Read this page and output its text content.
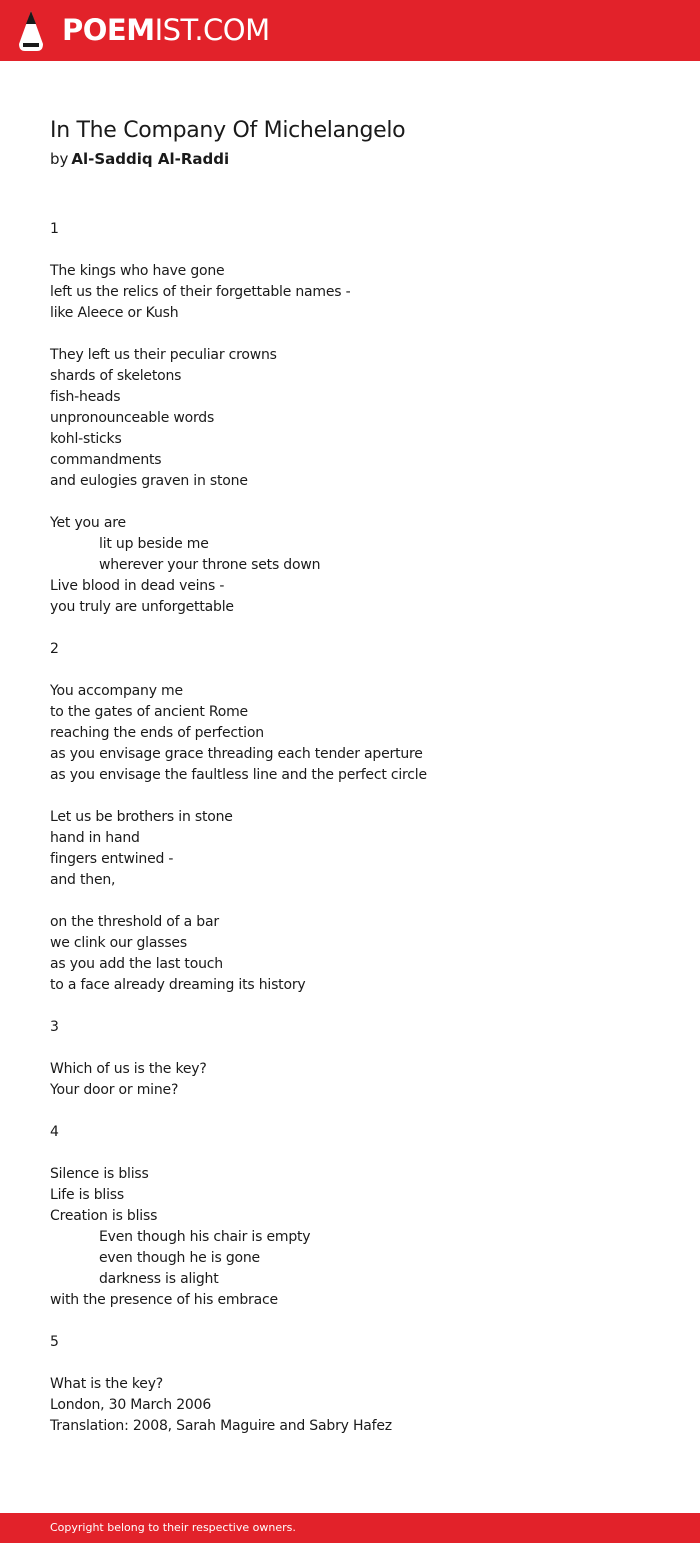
POEMIST.COM
In The Company Of Michelangelo
by Al-Saddiq Al-Raddi
1
The kings who have gone
left us the relics of their forgettable names -
like Aleece or Kush
They left us their peculiar crowns
shards of skeletons
fish-heads
unpronounceable words
kohl-sticks
commandments
and eulogies graven in stone
Yet you are
lit up beside me
wherever your throne sets down
Live blood in dead veins -
you truly are unforgettable
2
You accompany me
to the gates of ancient Rome
reaching the ends of perfection
as you envisage grace threading each tender aperture
as you envisage the faultless line and the perfect circle
Let us be brothers in stone
hand in hand
fingers entwined -
and then,
on the threshold of a bar
we clink our glasses
as you add the last touch
to a face already dreaming its history
3
Which of us is the key?
Your door or mine?
4
Silence is bliss
Life is bliss
Creation is bliss
Even though his chair is empty
even though he is gone
darkness is alight
with the presence of his embrace
5
What is the key?
London, 30 March 2006
Translation: 2008, Sarah Maguire and Sabry Hafez
Copyright belong to their respective owners.
